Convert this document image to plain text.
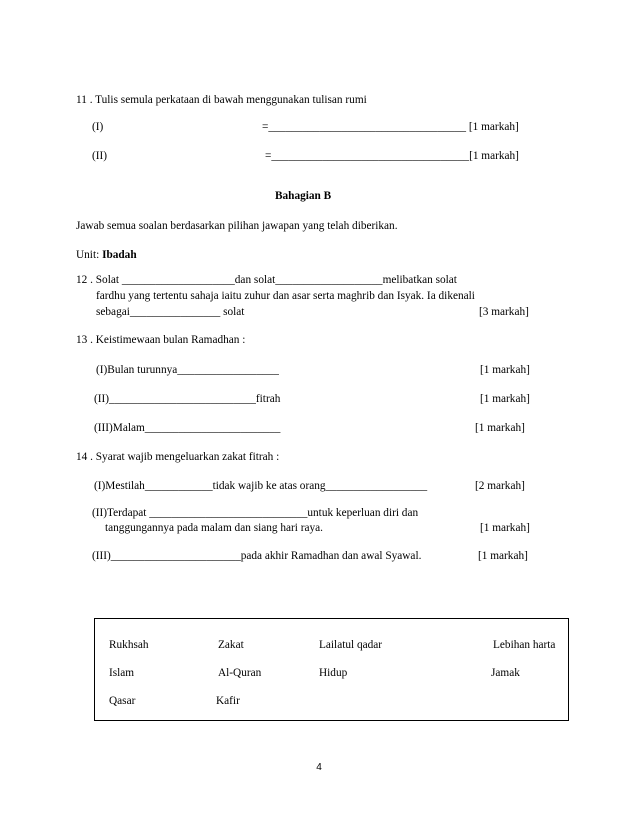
11 . Tulis semula perkataan di bawah menggunakan tulisan rumi
(I)	=___________________________________ [1 markah]
(II)	=___________________________________[1 markah]
Bahagian B
Jawab semua soalan berdasarkan pilihan jawapan yang telah diberikan.
Unit: Ibadah
12 . Solat ____________________dan solat___________________melibatkan solat
fardhu yang tertentu sahaja iaitu zuhur dan asar serta maghrib dan Isyak. Ia dikenali
sebagai________________ solat	[3 markah]
13 . Keistimewaan bulan Ramadhan :
(I)Bulan turunnya__________________	[1 markah]
(II)__________________________fitrah	[1 markah]
(III)Malam________________________	[1 markah]
14 . Syarat wajib mengeluarkan zakat fitrah :
(I)Mestilah____________tidak wajib ke atas orang__________________	[2 markah]
(II)Terdapat ____________________________untuk keperluan diri dan
tanggungannya pada malam dan siang hari raya.	[1 markah]
(III)_______________________pada akhir Ramadhan dan awal Syawal.	[1 markah]
Rukhsah	Zakat	Lailatul qadar	Lebihan harta
Islam	Al-Quran	Hidup	Jamak
Qasar	Kafir
4
